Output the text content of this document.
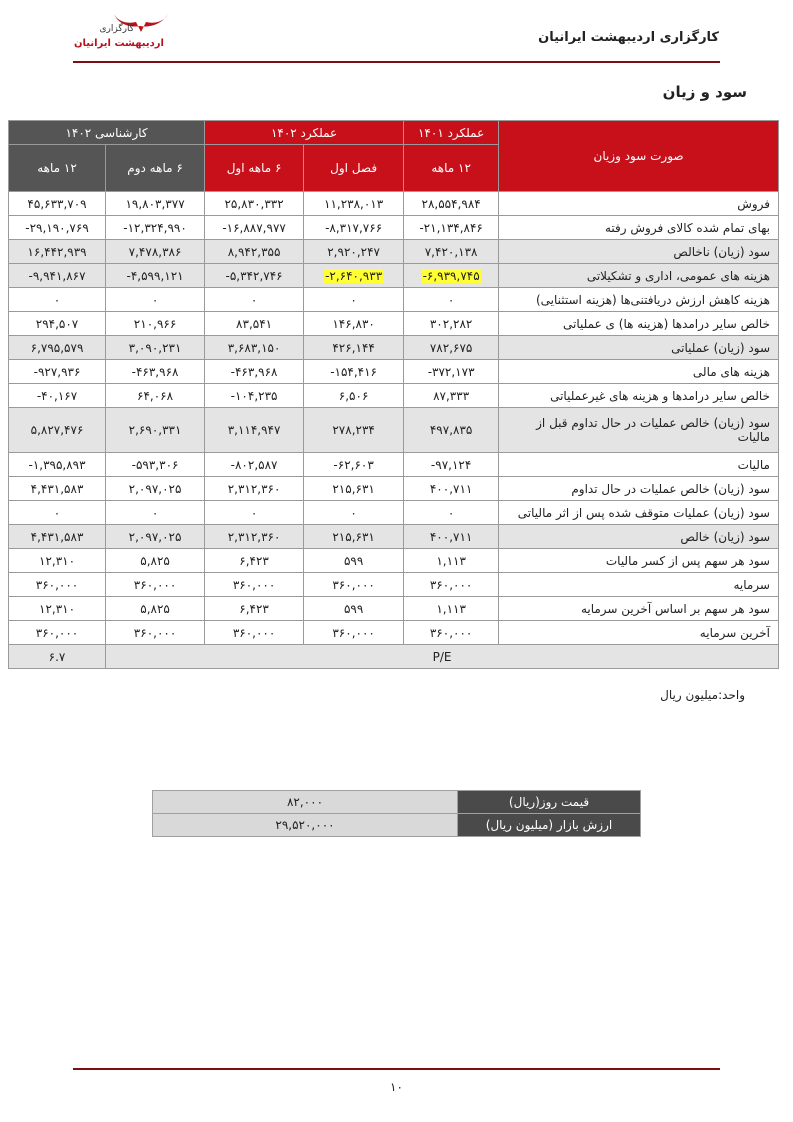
کارگزاری
اردیبهشت ایرانیان	کارگزاری اردیبهشت ایرانیان
سود و زیان
صورت سود وزیان	عملکرد ۱۴۰۱	عملکرد ۱۴۰۲		کارشناسی ۱۴۰۲	
	۱۲ ماهه	فصل اول	۶ ماهه اول	۶ ماهه دوم	۱۲ ماهه
فروش	۲۸,۵۵۴,۹۸۴	۱۱,۲۳۸,۰۱۳	۲۵,۸۳۰,۳۳۲	۱۹,۸۰۳,۳۷۷	۴۵,۶۳۳,۷۰۹
بهای تمام شده کالای فروش رفته	-۲۱,۱۳۴,۸۴۶	-۸,۳۱۷,۷۶۶	-۱۶,۸۸۷,۹۷۷	-۱۲,۳۲۴,۹۹۰	-۲۹,۱۹۰,۷۶۹
سود (زیان) ناخالص	۷,۴۲۰,۱۳۸	۲,۹۲۰,۲۴۷	۸,۹۴۲,۳۵۵	۷,۴۷۸,۳۸۶	۱۶,۴۴۲,۹۳۹
هزینه های عمومی، اداری و تشکیلاتی	-۶,۹۳۹,۷۴۵	-۲,۶۴۰,۹۳۳	-۵,۳۴۲,۷۴۶	-۴,۵۹۹,۱۲۱	-۹,۹۴۱,۸۶۷
هزینه کاهش ارزش دریافتنی‌ها (هزینه استثنایی)	۰	۰	۰	۰	۰
خالص سایر درامدها (هزینه ها) ی عملیاتی	۳۰۲,۲۸۲	۱۴۶,۸۳۰	۸۳,۵۴۱	۲۱۰,۹۶۶	۲۹۴,۵۰۷
سود (زیان) عملیاتی	۷۸۲,۶۷۵	۴۲۶,۱۴۴	۳,۶۸۳,۱۵۰	۳,۰۹۰,۲۳۱	۶,۷۹۵,۵۷۹
هزینه های مالی	-۳۷۲,۱۷۳	-۱۵۴,۴۱۶	-۴۶۳,۹۶۸	-۴۶۳,۹۶۸	-۹۲۷,۹۳۶
خالص سایر درامدها و هزینه های غیرعملیاتی	۸۷,۳۳۳	۶,۵۰۶	-۱۰۴,۲۳۵	۶۴,۰۶۸	-۴۰,۱۶۷
سود (زیان) خالص عملیات در حال تداوم قبل از مالیات	۴۹۷,۸۳۵	۲۷۸,۲۳۴	۳,۱۱۴,۹۴۷	۲,۶۹۰,۳۳۱	۵,۸۲۷,۴۷۶
مالیات	-۹۷,۱۲۴	-۶۲,۶۰۳	-۸۰۲,۵۸۷	-۵۹۳,۳۰۶	-۱,۳۹۵,۸۹۳
سود (زیان) خالص عملیات در حال تداوم	۴۰۰,۷۱۱	۲۱۵,۶۳۱	۲,۳۱۲,۳۶۰	۲,۰۹۷,۰۲۵	۴,۴۳۱,۵۸۳
سود (زیان) عملیات متوقف شده پس از اثر مالیاتی	۰	۰	۰	۰	۰
سود (زیان) خالص	۴۰۰,۷۱۱	۲۱۵,۶۳۱	۲,۳۱۲,۳۶۰	۲,۰۹۷,۰۲۵	۴,۴۳۱,۵۸۳
سود هر سهم پس از کسر مالیات	۱,۱۱۳	۵۹۹	۶,۴۲۳	۵,۸۲۵	۱۲,۳۱۰
سرمایه	۳۶۰,۰۰۰	۳۶۰,۰۰۰	۳۶۰,۰۰۰	۳۶۰,۰۰۰	۳۶۰,۰۰۰
سود هر سهم بر اساس آخرین سرمایه	۱,۱۱۳	۵۹۹	۶,۴۲۳	۵,۸۲۵	۱۲,۳۱۰
آخرین سرمایه	۳۶۰,۰۰۰	۳۶۰,۰۰۰	۳۶۰,۰۰۰	۳۶۰,۰۰۰	۳۶۰,۰۰۰
P/E					۶.۷
واحد:میلیون ریال
قیمت روز(ریال)	۸۲,۰۰۰
ارزش بازار (میلیون ریال)	۲۹,۵۲۰,۰۰۰
۱۰
